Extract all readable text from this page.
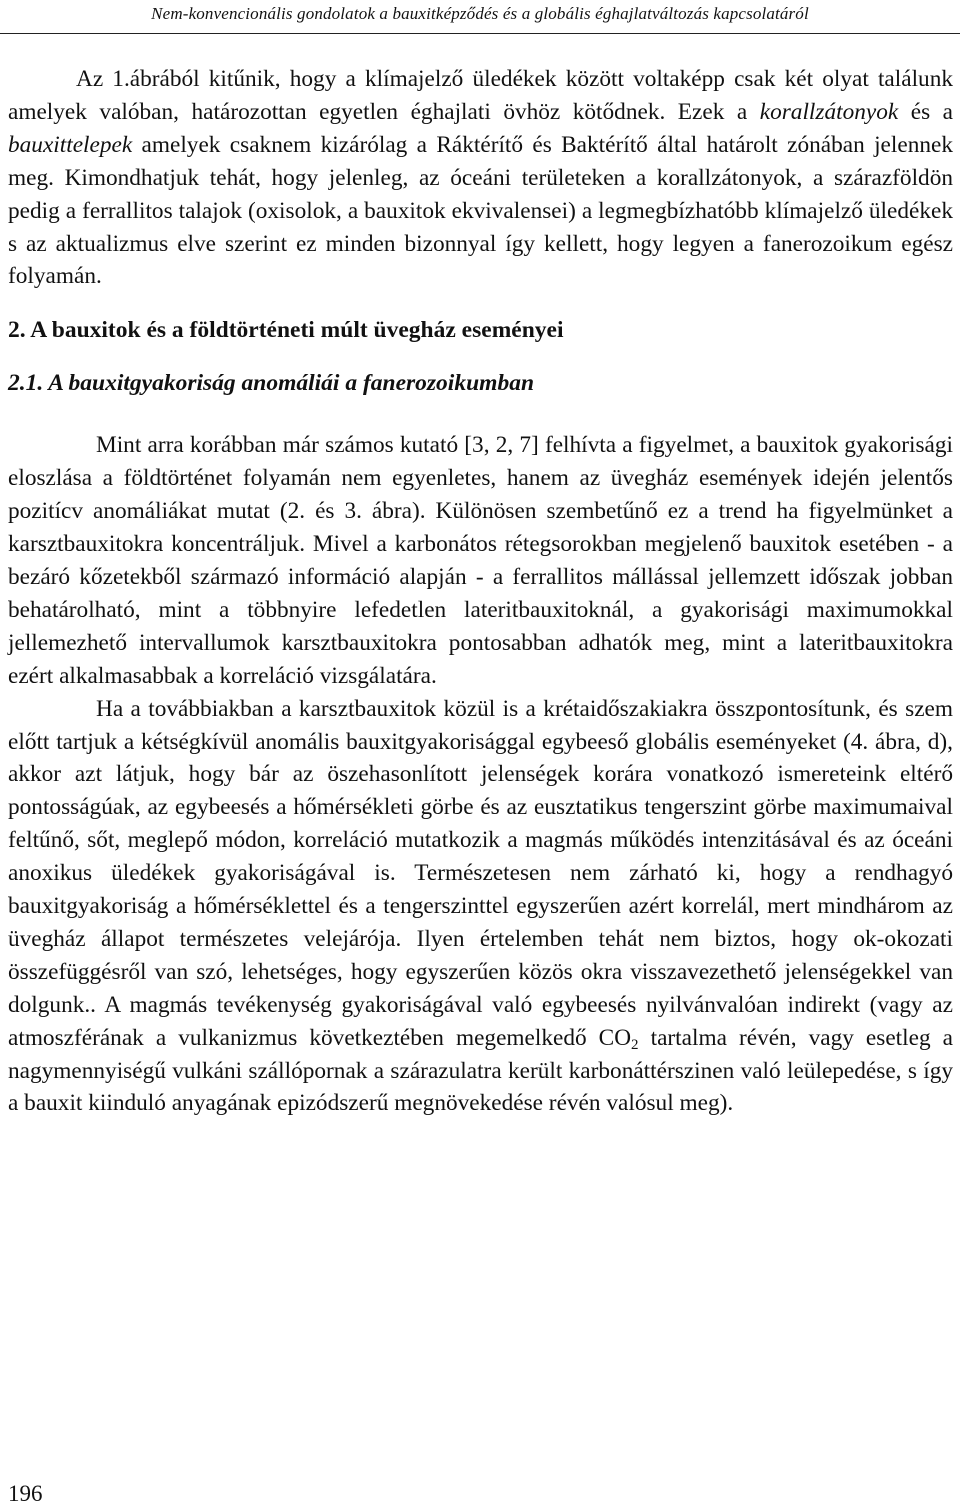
Nem-konvencionális gondolatok a bauxitképződés és a globális éghajlatváltozás kapcsolatáról

Az 1.ábrából kitűnik, hogy a klímajelző üledékek között voltaképp csak két olyat találunk amelyek valóban, határozottan egyetlen éghajlati övhöz kötődnek. Ezek a korallzátonyok és a bauxittelepek amelyek csaknem kizárólag a Ráktérítő és Baktérítő által határolt zónában jelennek meg. Kimondhatjuk tehát, hogy jelenleg, az óceáni területeken a korallzátonyok, a szárazföldön pedig a ferrallitos talajok (oxisolok, a bauxitok ekvivalensei) a legmegbízhatóbb klímajelző üledékek s az aktualizmus elve szerint ez minden bizonnyal így kellett, hogy legyen a fanerozoikum egész folyamán.

2. A bauxitok és a földtörténeti múlt üvegház eseményei
2.1. A bauxitgyakoriság anomáliái a fanerozoikumban

Mint arra korábban már számos kutató [3, 2, 7] felhívta a figyelmet, a bauxitok gyakorisági eloszlása a földtörténet folyamán nem egyenletes, hanem az üvegház események idején jelentős pozitícv anomáliákat mutat (2. és 3. ábra). Különösen szembetűnő ez a trend ha figyelmünket a karsztbauxitokra koncentráljuk. Mivel a karbonátos rétegsorokban megjelenő bauxitok esetében - a bezáró kőzetekből származó információ alapján - a ferrallitos mállással jellemzett időszak jobban behatárolható, mint a többnyire lefedetlen lateritbauxitoknál, a gyakorisági maximumokkal jellemezhető intervallumok karsztbauxitokra pontosabban adhatók meg, mint a lateritbauxitokra ezért alkalmasabbak a korreláció vizsgálatára.

Ha a továbbiakban a karsztbauxitok közül is a krétaidőszakiakra összpontosítunk, és szem előtt tartjuk a kétségkívül anomális bauxitgyakorisággal egybeeső globális eseményeket (4. ábra, d), akkor azt látjuk, hogy bár az öszehasonlított jelenségek korára vonatkozó ismereteink eltérő pontosságúak, az egybeesés a hőmérsékleti görbe és az eusztatikus tengerszint görbe maximumaival feltűnő, sőt, meglepő módon, korreláció mutatkozik a magmás működés intenzitásával és az óceáni anoxikus üledékek gyakoriságával is. Természetesen nem zárható ki, hogy a rendhagyó bauxitgyakoriság a hőmérséklettel és a tengerszinttel egyszerűen azért korrelál, mert mindhárom az üvegház állapot természetes velejárója. Ilyen értelemben tehát nem biztos, hogy ok-okozati összefüggésről van szó, lehetséges, hogy egyszerűen közös okra visszavezethető jelenségekkel van dolgunk.. A magmás tevékenység gyakoriságával való egybeesés nyilvánvalóan indirekt (vagy az atmoszférának a vulkanizmus következtében megemelkedő $CO_2$ tartalma révén, vagy esetleg a nagymennyiségű vulkáni szállópornak a szárazulatra került karbonáttérszinen való leülepedése, s így a bauxit kiinduló anyagának epizódszerű megnövekedése révén valósul meg).

196
